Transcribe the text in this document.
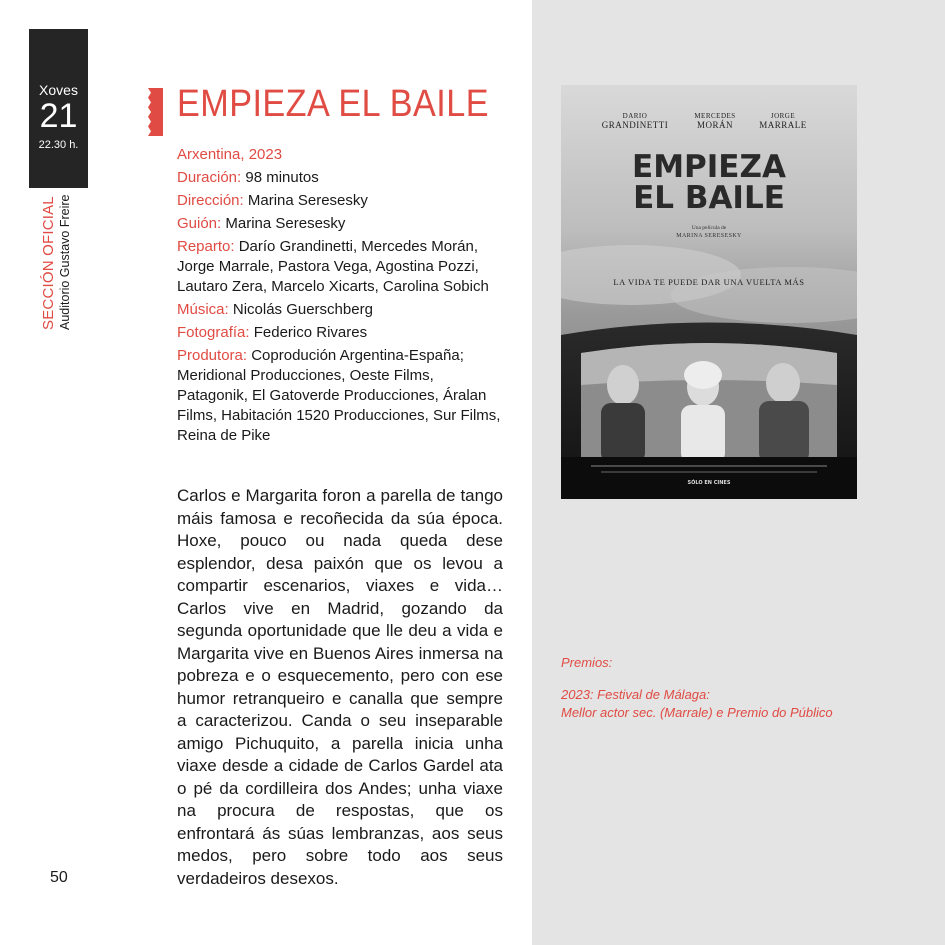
Xoves
21
22.30 h.
SECCIÓN OFICIAL Auditorio Gustavo Freire
EMPIEZA EL BAILE
Arxentina, 2023
Duración: 98 minutos
Dirección: Marina Seresesky
Guión: Marina Seresesky
Reparto: Darío Grandinetti, Mercedes Morán, Jorge Marrale, Pastora Vega, Agostina Pozzi, Lautaro Zera, Marcelo Xicarts, Carolina Sobich
Música: Nicolás Guerschberg
Fotografía: Federico Rivares
Produtora: Coprodución Argentina-España; Meridional Producciones, Oeste Films, Patagonik, El Gatoverde Producciones, Áralan Films, Habitación 1520 Producciones, Sur Films, Reina de Pike
Carlos e Margarita foron a parella de tango máis famosa e recoñecida da súa época. Hoxe, pouco ou nada queda dese esplendor, desa paixón que os levou a compartir escenarios, viaxes e vida… Carlos vive en Madrid, gozando da segunda oportunidade que lle deu a vida e Margarita vive en Buenos Aires inmersa na pobreza e o esquecemento, pero con ese humor retranqueiro e canalla que sempre a caracterizou. Canda o seu inseparable amigo Pichuquito, a parella inicia unha viaxe desde a cidade de Carlos Gardel ata o pé da cordilleira dos Andes; unha viaxe na procura de respostas, que os enfrontará ás súas lembranzas, aos seus medos, pero sobre todo aos seus verdadeiros desexos.
50
DARIO
GRANDINETTI
MERCEDES
MORÁN
JORGE
MARRALE
EMPIEZA
EL BAILE
Una película de
MARINA SERESESKY
LA VIDA TE PUEDE DAR UNA VUELTA MÁS
SÓLO EN CINES
Premios:
2023: Festival de Málaga:
Mellor actor sec. (Marrale) e Premio do Público
